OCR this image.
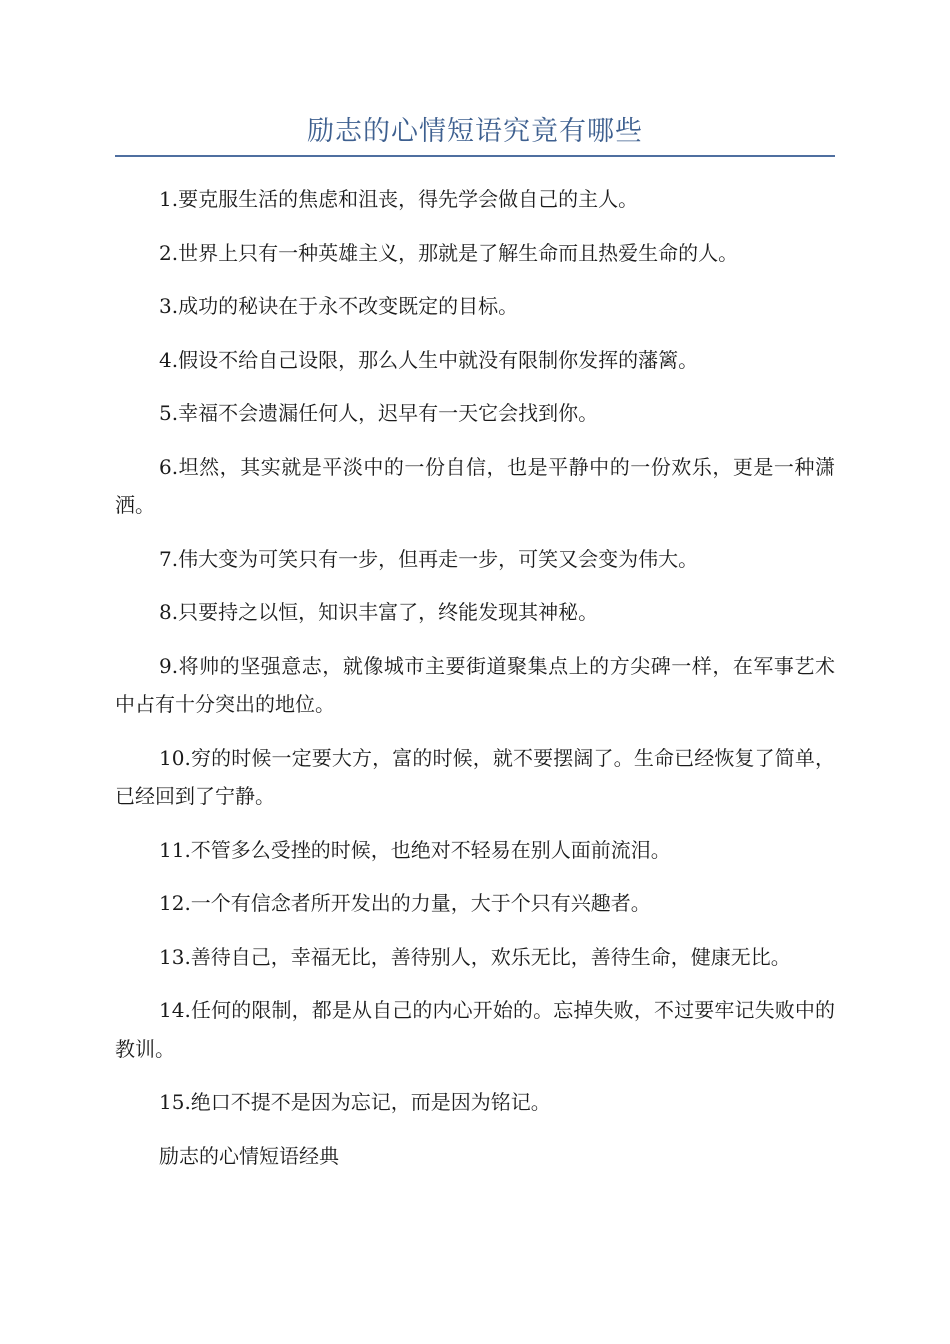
励志的心情短语究竟有哪些

1.要克服生活的焦虑和沮丧，得先学会做自己的主人。

2.世界上只有一种英雄主义，那就是了解生命而且热爱生命的人。

3.成功的秘诀在于永不改变既定的目标。

4.假设不给自己设限，那么人生中就没有限制你发挥的藩篱。

5.幸福不会遗漏任何人，迟早有一天它会找到你。

6.坦然，其实就是平淡中的一份自信，也是平静中的一份欢乐，更是一种潇洒。

7.伟大变为可笑只有一步，但再走一步，可笑又会变为伟大。

8.只要持之以恒，知识丰富了，终能发现其神秘。

9.将帅的坚强意志，就像城市主要街道聚集点上的方尖碑一样，在军事艺术中占有十分突出的地位。

10.穷的时候一定要大方，富的时候，就不要摆阔了。生命已经恢复了简单，已经回到了宁静。

11.不管多么受挫的时候，也绝对不轻易在别人面前流泪。

12.一个有信念者所开发出的力量，大于个只有兴趣者。

13.善待自己，幸福无比，善待别人，欢乐无比，善待生命，健康无比。

14.任何的限制，都是从自己的内心开始的。忘掉失败，不过要牢记失败中的教训。

15.绝口不提不是因为忘记，而是因为铭记。

励志的心情短语经典
